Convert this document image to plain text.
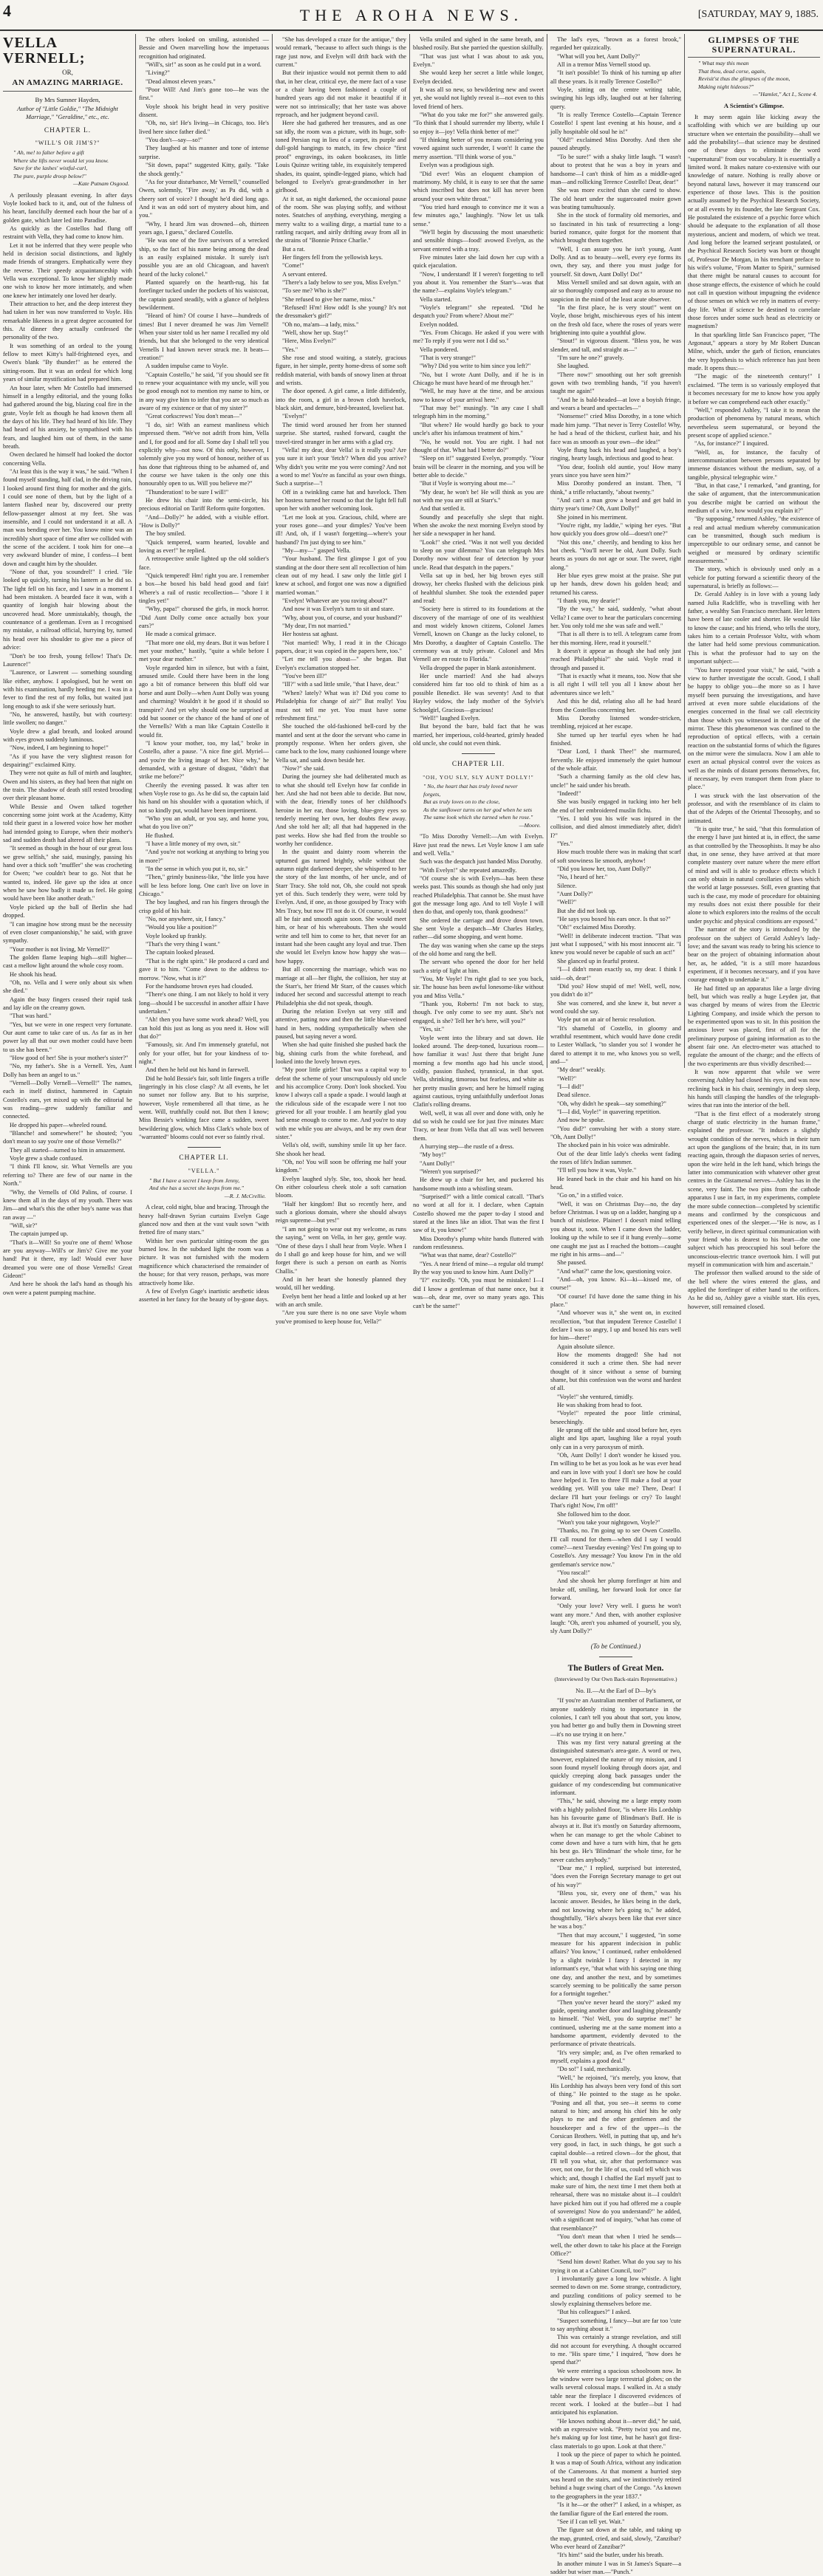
4	THE AROHA NEWS.	[SATURDAY, MAY 9, 1885.
VELLA VERNELL;
OR,
AN AMAZING MARRIAGE.
By Mrs Sumner Hayden,
Author of "Little Goldie," "The Midnight Marriage," "Geraldine," etc., etc.
CHAPTER L.
"WILL'S OR JIM'S?"
" Ah, me! to falter before a gift
Where she lifts never would let you know.
Save for the lashes' wistful-curl,
The pure, purple droop below!"
—Kate Putnam Osgood.

A perilously pleasant evening. In after days Voyle looked back to it, and, out of the fulness of his heart, fancifully deemed each hour the bar of a golden gate, which later led into Paradise.

As quickly as the Costellos had flung off restraint with Vella, they had come to know him.

Let it not be inferred that they were people who held in decision social distinctions, and lightly made friends of strangers. Emphatically were they the reverse. Their speedy acquaintanceship with Vella was exceptional. To know her slightly made one wish to know her more intimately, and when one knew her intimately one loved her dearly.

Their attraction to her, and the deep interest they had taken in her was now transferred to Voyle. His remarkable likeness in a great degree accounted for this. At dinner they actually confessed the personality of the two.

It was something of an ordeal to the young fellow to meet Kitty's half-frightened eyes, and Owen's blank "By thunder!" as he entered the sitting-room. But it was an ordeal for which long years of similar mystification had prepared him.

An hour later, when Mr Costello had immersed himself in a lengthy editorial, and the young folks had gathered around the big, blazing coal fire in the grate, Voyle felt as though he had known them all the days of his life. They had heard of his life. They had heard of his anxiety, he sympathised with his fears, and laughed him out of them, in the same breath.

Owen declared he himself had looked the doctor concerning Vella.

"At least this is the way it was," he said. "When I found myself standing, half clad, in the driving rain, I looked around first thing for mother and the girls. I could see none of them, but by the light of a lantern flashed near by, discovered our pretty fellow-passenger almost at my feet. She was insensible, and I could not understand it at all. A man was bending over her. You know mine was an incredibly short space of time after we collided with the scene of the accident. I took him for one—a very awkward blunder of mine, I confess—I bent down and caught him by the shoulder.

"None of that, you scoundrel!" I cried. "He looked up quickly, turning his lantern as he did so. The light fell on his face, and I saw in a moment I had been mistaken. A bearded face it was, with a quantity of longish hair blowing about the uncovered head. More unmistakably, though, the countenance of a gentleman. Even as I recognised my mistake, a railroad official, hurrying by, turned his head over his shoulder to give me a piece of advice:

"Don't be too fresh, young fellow! That's Dr. Laurence!"

"Laurence, or Lawrent — something sounding like either, anyhow. I apologised, but he went on with his examination, hardly heeding me. I was in a fever to find the rest of my folks, but waited just long enough to ask if she were seriously hurt.

"No, he answered, hastily, but with courtesy: little swollen; no danger."

Voyle drew a glad breath, and looked around with eyes grown suddenly luminous.

"Now, indeed, I am beginning to hope!"

"As if you have the very slightest reason for despairing!" exclaimed Kitty.

They were not quite as full of mirth and laughter, Owen and his sisters, as they had been that night on the train. The shadow of death still rested brooding over their pleasant home.

While Bessie and Owen talked together concerning some joint work at the Academy, Kitty told their guest in a lowered voice how her mother had intended going to Europe, when their mother's sad and sudden death had altered all their plans.

"It seemed as though in the hour of our great loss we grew selfish," she said, musingly, passing his hand over a thick soft "muffler" she was crocheting for Owen; "we couldn't bear to go. Not that he wanted to, indeed. He gave up the idea at once when he saw how badly it made us feel. He going would have been like another death."

Voyle picked up the ball of Berlin she had dropped.

"I can imagine how strong must be the necessity of even closer companionship," he said, with grave sympathy.

"Your mother is not living, Mr Vernell?"

The golden flame leaping high—still higher—cast a mellow light around the whole cosy room.

He shook his head.

"Oh, no. Vella and I were only about six when she died."

Again the busy fingers ceased their rapid task and lay idle on the creamy gown.

"That was hard."

"Yes, but we were in one respect very fortunate. Our aunt came to take care of us. As far as in her power lay all that our own mother could have been to us she has been."

"How good of her! She is your mother's sister?"

"No, my father's. She is a Vernell. Yes, Aunt Dolly has been an angel to us."

"Vernell—Dolly Vernell—Vernell!" The names, each in itself distinct, hammered in Captain Costello's ears, yet mixed up with the editorial he was reading—grew suddenly familiar and connected.

He dropped his paper—wheeled round.

"Blanche! and somewhere!" he shouted; "you don't mean to say you're one of those Vernells?"

They all started—turned to him in amazement.

Voyle grew a shade confused.

"I think I'll know, sir. What Vernells are you referring to? There are few of our name in the North."

"Why, the Vernells of Old Palins, of course. I knew them all in the days of my youth. There was Jim—and what's this the other boy's name was that ran away —"

"Will, sir?"

The captain jumped up.

"That's it—Will! So you're one of them! Whose are you anyway—Will's or Jim's? Give me your hand! Put it there, my lad! Would ever have dreamed you were one of those Vernells! Great Gideon!"

And here he shook the lad's hand as though his own were a patent pumping machine.

The others looked on smiling, astonished —Bessie and Owen marvelling how the impetuous recognition had originated.

"Will's, sir!" as soon as he could put in a word.

"Living?"

"Dead almost eleven years."

"Poor Will! And Jim's gone too—he was the first."

Voyle shook his bright head in very positive dissent.

"Oh, no, sir! He's living—in Chicago, too. He's lived here since father died."

"You don't—say—so!"

They laughed at his manner and tone of intense surprise.

"Sit down, papa!" suggested Kitty, gaily. "Take the shock gently."

"As for your disturbance, Mr Vernell," counselled Owen, solemnly, "Fire away,' as Pa did, with a cheery sort of voice? I thought he'd died long ago. And it was an odd sort of mystery about him, and you."

"Why, I heard Jim was drowned—oh, thirteen years ago, I guess," declared Costello.

"He was one of the five survivors of a wrecked ship, so the fact of his name being among the dead is an easily explained mistake. It surely isn't possible you are an old Chicagoan, and haven't heard of the lucky colonel."

Planted squarely on the hearth-rug, his fat forefinger tucked under the pockets of his waistcoat, the captain gazed steadily, with a glance of helpless bewilderment.

"Heard of him? Of course I have—hundreds of times! But I never dreamed he was Jim Vernell! When your sister told us her name I recalled my old friends, but that she belonged to the very identical Vernells I had known never struck me. It beats—creation!"

A sudden impulse came to Voyle.

"Captain Costello," he said, "if you should see fit to renew your acquaintance with my uncle, will you be good enough not to mention my name to him, or in any way give him to infer that you are so much as aware of my existence or that of my sister?"

"Great corkscrews! You don't mean—"

"I do, sir! With an earnest manliness which impressed them. "We've not adrift from him, Vella and I, for good and for all. Some day I shall tell you explicitly why—not now. Of this only, however, I solemnly give you my word of honour, neither of us has done that righteous thing to be ashamed of, and the course we have taken is the only one this honourably open to us. Will you believe me?"

"Thunderation! to be sure I will!"

He drew his chair into the semi-circle, his precious editorial on Tariff Reform quite forgotten.

"And—Dolly?" he added, with a visible effort. "How is Dolly?"

The boy smiled.

"Quick tempered, warm hearted, lovable and loving as ever!" he replied.

A retrospective smile lighted up the old soldier's face.

"Quick tempered! Hm! right you are. I remember a box—he boxed his bald head good and fair! Where's a rail of rustic recollection— "shore I it tingles yet!"

"Why, papa!" chorused the girls, in mock horror. "Did Aunt Dolly come once actually box your ears?"

He made a comical grimace.

"That more one old, my dears. But it was before I met your mother," hastily, "quite a while before I met your dear mother."

Voyle regarded him in silence, but with a faint, amused smile. Could there have been in the long ago a bit of romance between this bluff old war horse and aunt Dolly—when Aunt Dolly was young and charming? Wouldn't it be good if it should so transpire? And yet why should one be surprised at odd but sooner or the chance of the hand of one of the Vernells? With a man like Captain Costello it would fit.

"I know your mother, too, my lad," broke in Costello, after a pause. "A nice fine girl. Myriel—and you're the living image of her. Nice why," he demanded, with a gesture of disgust, "didn't that strike me before?"

Cheerily the evening passed. It was after ten when Voyle rose to go. As he did so, the captain laid his hand on his shoulder with a quotation which, if not so kindly put, would have been impertinent.

"Who you an adult, or you say, and home you, what do you live on?"

He flushed.

"I have a little money of my own, sir."

"And you're not working at anything to bring you in more?"

"In the sense in which you put it, no, sir."

"Then," grimly business-like, "the little you have will be less before long. One can't live on love in Chicago."

The boy laughed, and ran his fingers through the crisp gold of his hair.

"No, nor anywhere, sir, I fancy."

"Would you like a position?"

Voyle looked up frankly.

"That's the very thing I want."

The captain looked pleased.

"That is the right spirit." He produced a card and gave it to him. "Come down to the address to-morrow. "Now, what is it?"

For the handsome brown eyes had clouded.

"There's one thing. I am not likely to hold it very long—should I be successful in another affair I have undertaken."

"Ah! then you have some work ahead? Well, you can hold this just as long as you need it. How will that do?"

"Famously, sir. And I'm immensely grateful, not only for your offer, but for your kindness of to-night."

And then he held out his hand in farewell.

Did he hold Bessie's fair, soft little fingers a trifle lingeringly in his close clasp? At all events, he let no sunset nor follow any. But to his surprise, however, Voyle remembered all that time, as he went. Will, truthfully could not. But then I know; Miss Bessie's winking face came a sudden, sweet bewildering glow, which Miss Clark's whole box of "warranted" blooms could not ever so faintly rival.

CHAPTER LI.
"VELLA."
" But I have a secret I keep from Jenny,
And she has a secret she keeps from me."
—R. J. McCrellie.

A clear, cold night, blue and bracing. Through the heavy half-drawn Syrian curtains Evelyn Gage glanced now and then at the vast vault sown "with fretted fire of many stars."

Within her own particular sitting-room the gas burned low. In the subdued light the room was a picture. It was not furnished with the modern magnificence which characterised the remainder of the house; for that very reason, perhaps, was more attractively home like.

A few of Evelyn Gage's inartistic aesthetic ideas asserted in her fancy for the beauty of by-gone days.

"She has developed a craze for the antique," they would remark, "because to affect such things is the rage just now, and Evelyn will drift back with the current."

But their injustice would not permit them to add that, in her clear, critical eye, the mere fact of a vase or a chair having been fashioned a couple of hundred years ago did not make it beautiful if it were not so intrinsically; that her taste was above reproach, and her judgment beyond cavil.

Here she had gathered her treasures, and as one sat idly, the room was a picture, with its huge, soft-toned Persian rug in lieu of a carpet, its purple and dull-gold hangings to match, its few choice "first proof" engravings, its oaken bookcases, its little Louis Quinze writing table, its exquisitely tempered shades, its quaint, spindle-legged piano, which had belonged to Evelyn's great-grandmother in her girlhood.

At it sat, as night darkened, the occasional pause of the room. She was playing softly, and without notes. Snatches of anything, everything, merging a merry waltz to a wailing dirge, a martial tune to a rattling racquet, and airily drifting away from all in the strains of "Bonnie Prince Charlie."

But a rat.

Her fingers fell from the yellowish keys.

"Come!"

A servant entered.

"There's a lady below to see you, Miss Evelyn."

"To see me? Who is she?"

"She refused to give her name, miss."

"Refused! H'm! How odd! Is she young? It's not the dressmaker's girl?"

"Oh no, ma'am—a lady, miss."

"Well, show her up. Stay!"

"Here, Miss Evelyn?"

"Yes."

She rose and stood waiting, a stately, gracious figure, in her simple, pretty home-dress of some soft reddish material, with bands of snowy linen at throat and wrists.

The door opened. A girl came, a little diffidently, into the room, a girl in a brown cloth havelock, black skirt, and demure, bird-breasted, loveliest hat.

"Evelyn!"

The timid word aroused her from her stunned surprise. She started, rushed forward, caught the travel-tired stranger in her arms with a glad cry.

"Vella! my dear, dear Vella! is it really you? Are you sure it isn't your 'fetch'? When did you arrive? Why didn't you write me you were coming? And not a word to me! You're as fanciful as your own things. Such a surprise—'!

Off in a twinkling came hat and havelock. Then her hostess turned her round so that the light fell full upon her with another welcoming look.

"Let me look at you. Gracious, child, where are your roses gone—and your dimples? You've been ill! And, oh, if I wasn't forgetting—where's your husband? I'm just dying to see him."

"My—my—" gasped Vella.

"Your husband. The first glimpse I got of you standing at the door there sent all recollection of him clean out of my head. I saw only the little girl I knew at school, and forgot one was now a dignified married woman."

"Evelyn! Whatever are you raving about?"

And now it was Evelyn's turn to sit and stare.

"Why, about you, of course, and your husband?"

"My dear, I'm not married."

Her hostess sat aghast.

"Not married! Why, I read it in the Chicago papers, dear; it was copied in the papers here, too."

"Let me tell you about—" she began. But Evelyn's exclamation stopped her.

"You've been ill?"

"Ill?" with a sad little smile, "that I have, dear."

"When? lately? What was it? Did you come to Philadelphia for change of air?" But really! You must not tell me yet. You must have some refreshment first."

She touched the old-fashioned bell-cord by the mantel and sent at the door the servant who came in promptly response. When her orders given, she came back to the low, many cushioned lounge where Vella sat, and sank down beside her.

"Now?" she said.

During the journey she had deliberated much as to what she should tell Evelyn how far confide in her. And she had not been able to decide. But now, with the dear, friendly tones of her childhood's heroine in her ear, those loving, blue-grey eyes so tenderly meeting her own, her doubts flew away. And she told her all; all that had happened in the past weeks. How she had fled from the trouble so worthy her confidence.

In the quaint and dainty room wherein the upturned gas turned brightly, while without the autumn night darkened deeper, she whispered to her the story of the last months, of her uncle, and of Starr Tracy. She told not, Oh, she could not speak yet of this. Such tenderly they were, were told by Evelyn. And, if one, as those gossiped by Tracy with Mrs Tracy, but now I'll not do it. Of course, it would all be fair and smooth again soon. She would meet him, or hear of his whereabouts. Then she would write and tell him to come to her, that never for an instant had she been caught any loyal and true. Then she would let Evelyn know how happy she was—how happy.

But all concerning the marriage, which was no marriage at all—her flight, the collision, her stay at the Starr's, her friend Mr Starr, of the causes which induced her second and successful attempt to reach Philadelphia she did not speak, though.

During the relation Evelyn sat very still and attentive, patting now and then the little blue-veined hand in hers, nodding sympathetically when she paused, but saying never a word.

When she had quite finished she pushed back the big, shining curls from the white forehead, and looked into the lovely brown eyes.

"My poor little girlie! That was a capital way to defeat the scheme of your unscrupulously old uncle and his accomplice Crony. Don't look shocked. You know I always call a spade a spade. I would laugh at the ridiculous side of the escapade were I not too grieved for all your trouble. I am heartily glad you had sense enough to come to me. And you're to stay with me while you are always, and be my own dear sister."

Vella's old, swift, sunshiny smile lit up her face. She shook her head.

"Oh, no! You will soon be offering me half your kingdom."

Evelyn laughed slyly. She, too, shook her head. On either colourless cheek stole a soft carnation bloom.

"Half her kingdom! But so recently here, and such a glorious domain, where she should always reign supreme—but yes!"

"I am not going to wear out my welcome, as runs the saying," went on Vella, in her gay, gentle way. "One of these days I shall hear from Voyle. When I do I shall go and keep house for him, and we will forget there is such a person on earth as Norris Challis."

And in her heart she honestly planned they would, till her wedding.

Evelyn bent her head a little and looked up at her with an arch smile.

"Are you sure there is no one save Voyle whom you've promised to keep house for, Vella?"

Vella smiled and sighed in the same breath, and blushed rosily. But she parried the question skilfully.

"That was just what I was about to ask you, Evelyn."

She would keep her secret a little while longer, Evelyn decided.

It was all so new, so bewildering new and sweet yet, she would not lightly reveal it—not even to this loved friend of hers.

"What do you take me for?" she answered gaily. "To think that I should surrender my liberty, while I so enjoy it—joy! Vella think better of me!"

"If thinking better of you means considering you vowed against such surrender, I won't! It came the merry assertion. "I'll think worse of you."

Evelyn was a prodigious sigh.

"Did ever! Was an eloquent champion of matrimony. My child, it is easy to see that the same which inscribed but does not kill has never been around your own white throat."

"You tried hard enough to convince me it was a few minutes ago," laughingly. "Now let us talk sense."

"We'll begin by discussing the most unaesthetic and sensible things—food! avowed Evelyn, as the servant entered with a tray.

Five minutes later she laid down her cup with a quick ejaculation.

"Now, I understand! If I weren't forgetting to tell you about it. You remember the Starr's—was that the name?—explains Voyle's telegram."

Vella started.

"Voyle's telegram!" she repeated. "Did he despatch you? From where? About me?"

Evelyn nodded.

"Yes. From Chicago. He asked if you were with me? To reply if you were not I did so."

Vella pondered.

"That is very strange!"

"Why? Did you write to him since you left?"

"No, but I wrote Aunt Dolly, and if he is in Chicago he must have heard of me through her."

"Well, he may have at the time, and be anxious now to know of your arrival here."

"That may be!" musingly. "In any case I shall telegraph him in the morning."

"But where? He would hardly go back to your uncle's after his infamous treatment of him."

"No, he would not. You are right. I had not thought of that. What had I better do?"

"Sleep on it!" suggested Evelyn, promptly. "Your brain will be clearer in the morning, and you will be better able to decide."

"But if Voyle is worrying about me—"

"My dear, he won't be! He will think as you are not with me you are still at Starr's."

And that settled it.

Soundly and peacefully she slept that night. When she awoke the next morning Evelyn stood by her side a newspaper in her hand.

"Look!" she cried. "Was it not well you decided to sleep on your dilemma? You can telegraph Mrs Dorothy now without fear of detection by your uncle. Read that despatch in the papers."

Vella sat up in bed, her big brown eyes still drowsy, her cheeks flushed with the delicious pink of healthful slumber. She took the extended paper and read:

"Society here is stirred to its foundations at the discovery of the marriage of one of its wealthiest and most widely known citizens, Colonel James Vernell, known on Change as the lucky colonel, to Mrs Dorothy, a daughter of Captain Costello. The ceremony was at truly private. Colonel and Mrs Vernell are en route to Florida."

Vella dropped the paper in blank astonishment.

Her uncle married! And she had always considered him far too old to think of him as a possible Benedict. He was seventy! And to that Hayley widow, the lady mother of the Sylvie's Schoolgirl, Gracious—gracious!

"Well!" laughed Evelyn.

But beyond the bare, bald fact that he was married, her imperious, cold-hearted, grimly headed old uncle, she could not even think.

CHAPTER LII.
"OH, YOU SLY, SLY AUNT DOLLY!"
" No, the heart that has truly loved never forgets,
But as truly loves on to the close,
As the sunflower turns on her god when he sets
The same look which she turned when he rose."
—Moore.

"To Miss Dorothy Vernell:—Am with Evelyn. Have just read the news. Let Voyle know I am safe and well. Vella."

Such was the despatch just handed Miss Dorothy.

"With Evelyn!" she repeated amazedly.

"Of course she is with Evelyn—has been these weeks past. This sounds as though she had only just reached Philadelphia. That cannot be. She must have got the message long ago. And to tell Voyle I will then do that, and openly too, thank goodness!"

She ordered the carriage and drove down town. She sent Voyle a despatch—Mr Charles Hatley, rather—did some shopping, and went home.

The day was waning when she came up the steps of the old home and rang the bell.

The servant who opened the door for her held such a strip of light at him.

"You, Mr Voyle! I'm right glad to see you back, sir. The house has been awful lonesome-like without you and Miss Vella."

"Thank you, Roberts! I'm not back to stay, though. I've only come to see my aunt. She's not engaged, is she? Tell her he's here, will you?"

"Yes, sir."

Voyle went into the library and sat down. He looked around. The deep-toned, luxurious room—how familiar it was! Just there that bright June morning a few months ago had his uncle stood, coldly, passion flushed, tyrannical, in that spot. Vella, shrinking, timorous but fearless, and white as her pretty muslin gown; and here he himself raging against cautious, trying unfaithfully underfoot Jonas Clafin's rolling dreams.

Well, well, it was all over and done with, only he did so wish he could see for just five minutes Marc Tracy, or hear from Vella that all was well between them.

A hurrying step—the rustle of a dress.

"My boy!"

"Aunt Dolly!"

"Weren't you surprised?"

He drew up a chair for her, and puckered his handsome mouth into a whistling steam.

"Surprised?" with a little comical catcall. "That's no word at all for it. I declare, when Captain Costello showed me the paper to-day I stood and stared at the lines like an idiot. That was the first I saw of it, you know!"

Miss Dorothy's plump white hands fluttered with random restlessness.

"What was that name, dear? Costello?"

"Yes. A near friend of mine—a regular old trump! By the way you used to know him. Aunt Dolly?"

"I?" excitedly. "Oh, you must be mistaken! I—I did I know a gentleman of that name once, but it was—oh, dear me, over so many years ago. This can't be the same!"

The lad's eyes, "brown as a forest brook," regarded her quizzically.

"What will you bet, Aunt Dolly?"

All in a tremor Miss Vernell stood up.

"It isn't possible! To think of his turning up after all these years. Is it really Terence Costello?"

Voyle, sitting on the centre writing table, swinging his legs idly, laughed out at her faltering query.

"It is really Terence Costello—Captain Terence Costello! I spent last evening at his house, and a jolly hospitable old soul he is!"

"Old!" exclaimed Miss Dorothy. And then she paused abruptly.

"To be sure!" with a shaky little laugh. "I wasn't about to protest that he was a boy in years and handsome—I can't think of him as a middle-aged man—and rollicking Terence Costello! Dear, dear!"

She was more excited than she cared to show. The old heart under the sugarcoated moire gown was beating tumultuously.

She in the stock of formality old memories, and so fascinated in his task of resurrecting a long-buried romance, quite forgot for the moment that which brought them together.

"Well, I can assure you he isn't young, Aunt Dolly. And as to beauty—well, every eye forms its own, they say, and there you must judge for yourself. Sit down, Aunt Dolly! Do!"

Miss Vernell smiled and sat down again, with an air so thoroughly composed and easy as to arouse no suspicion in the mind of the least acute observer.

"In the first place, he is very stout!" went on Voyle, those bright, mischievous eyes of his intent on the fresh old face, where the roses of years were brightening into quite a youthful glow.

"Stout!" in vigorous dissent. "Bless you, he was slender, and tall, and straight as—"

"I'm sure he one?" gravely.

She laughed.

"There now!" smoothing out her soft greenish gown with two trembling hands, "if you haven't taught me again!"

"And he is bald-headed—at love a boyish fringe, and wears a beard and spectacles—"

"Nonsense!" cried Miss Dorothy, in a tone which made him jump. "That never is Terry Costello! Why, he had a head of the thickest, curliest hair, and his face was as smooth as your own—the idea!"

Voyle flung back his head and laughed, a boy's ringing, hearty laugh, infectious and good to hear.

"You dear, foolish old auntie, you! How many years since you have seen him?"

Miss Dorothy pondered an instant. Then, "I think," a trifle reluctantly, "about twenty."

"And can't a man grow a beard and get bald in thirty year's time? Oh, Aunt Dolly!"

She joined in his merriment.

"You're right, my laddie," wiping her eyes. "But how quickly you does grow old—doesn't one?"

"Not this one," cheerily, and bending to kiss her hot cheek. "You'll never be old, Aunt Dolly. Such hearts as yours do not age or sour. The sweet, right along."

Her blue eyes grew moist at the praise. She put up her hands, drew down his golden head; and returned his caress.

"I thank you, my dearie!"

"By the way," he said, suddenly, "what about Vella? I came over to hear the particulars concerning her. You only told me she was safe and well."

"That is all there is to tell. A telegram came from her this morning. Here, read it yourself."

It doesn't it appear as though she had only just reached Philadelphia?" she said. Voyle read it through and passed it.

"That is exactly what it means, too. Now that she is all right I will tell you all I know about her adventures since we left."

And this he did, relating also all he had heard from the Costellos concerning her.

Miss Dorothy listened wonder-stricken, trembling, rejoiced at her escape.

She turned up her tearful eyes when he had finished.

"Dear Lord, I thank Thee!" she murmured, fervently. He enjoyed immensely the quiet humour of the whole affair.

"Such a charming family as the old clew has, uncle!" he said under his breath.

"Indeed!"

She was busily engaged in tucking into her belt the end of her embroidered muslin fichu.

"Yes. I told you his wife was injured in the collision, and died almost immediately after, didn't I?"

"Yes."

How much trouble there was in making that scarf of soft snowiness lie smooth, anyhow!

"Did you know her, too, Aunt Dolly?"

"No, I heard of her."

Silence.

"Aunt Dolly?"

"Well?"

But she did not look up.

"He says you boxed his ears once. Is that so?"

"Oh!" exclaimed Miss Dorothy.

"Well! in deliberate indecent traction. "That was just what I supposed," with his most innocent air. "I knew you would never be capable of such an act!"

She glanced up in fearful protest.

"I—I didn't mean exactly so, my dear. I think I said—oh, dear!"

"Did you? How stupid of me! Well, well, now, you didn't do it?"

She was cornered, and she knew it, but never a word could she say.

Voyle put on an air of heroic resolution.

"It's shameful of Costello, in gloomy and wrathful resentment, which would have done credit to Lester Wallack, "to slander you so! I wonder he dared to attempt it to me, who knows you so well, and—"

"My dear!" weakly.

"Well?"

"I—I did!"

Dead silence.

"Oh, why didn't he speak—say something?"

"I—I did, Voyle!" in quavering repetition.

And now he spoke.

"You did?" convulsing her with a stony stare. "Oh, Aunt Dolly!"

The shocked pain in his voice was admirable.

Out of the dear little lady's cheeks went fading the roses of life's Indian summer.

"I'll tell you how it was, Voyle."

He leaned back in the chair and his hand on his head.

"Go on," in a stifled voice.

"Well, it was on Christmas Day—no, the day before Christmas. I was up on a ladder, hanging up a bunch of mistletoe. Plainer! I doesn't mind telling you about it, soon. When I came down the ladder, looking up the while to see if it hung evenly—some one caught me just as I reached the bottom—caught me right in his arms—and—"

She paused.

"And what?" came the low, questioning voice.

"And—oh, you know. Ki—ki—kissed me, of course!"

"Of course! I'd have done the same thing in his place."

"And whoever was it," she went on, in excited recollection, "but that impudent Terence Costello! I declare I was so angry, I up and boxed his ears well for him—there!"

Again absolute silence.

How the moments dragged! She had not considered it such a crime then. She had never thought of it since without a sense of burning shame, but this confession was the worst and hardest of all.

"Voyle!" she ventured, timidly.

He was shaking from head to foot.

"Voyle!" repeated the poor little criminal, beseechingly.

He sprang off the table and stood before her, eyes alight and lips apart, laughing like a royal youth only can in a very paroxysm of mirth.

"Oh, Aunt Dolly! I don't wonder he kissed you. I'm willing to be bet as you look as he was ever head and ears in love with you! I don't see how he could have helped it. Ten to three I'll make a fool at your wedding yet. Will you take me? There, Dear! I declare I'll hurt your feelings or cry? To laugh! That's right! Now, I'm off!"

She followed him to the door.

"Won't you take your nightgown, Voyle?"

"Thanks, no. I'm going up to see Owen Costello. I'll call round for them—when did I say I would come?—next Tuesday evening? Yes! I'm going up to Costello's. Any message? You know I'm in the old gentleman's service now."

"You rascal!"

And she shook her plump forefinger at him and broke off, smiling, her forward look for once far forward.

"Only your love? Very well. I guess he won't want any more." And then, with another explosive laugh: "Oh, aren't you ashamed of yourself, you sly, sly Aunt Dolly?"

(To be Continued.)
The Butlers of Great Men.
(Interviewed by Our Own Back-stairs Representative.)
No. II.—At the Earl of D—by's

"If you're an Australian member of Parliament, or anyone suddenly rising to importance in the colonies, I can't tell you about that sort, you know, you had better go and bully them in Downing street—it's no use trying it on here."

This was my first very natural greeting at the distinguished statesman's area-gate. A word or two, however, explained the nature of my mission, and I soon found myself looking through doors ajar, and quickly creeping along back passages under the guidance of my condescending but communicative informant.

"This," he said, showing me a large empty room with a highly polished floor, "is where His Lordship has his favourite game of Blindman's Buff. He is always at it. But it's mostly on Saturday afternoons, when he can manage to get the whole Cabinet to come down and have a turn with him, that he gets his best go. He's 'Blindman' the whole time, for he never catches anybody."

"Dear me," I replied, surprised but interested, "does even the Foreign Secretary manage to get out of his way?"

"Bless you, sir, every one of them," was his laconic answer. Besides, he likes being in the dark, and not knowing where he's going to," he added, thoughtfully, "He's always been like that ever since he was a boy."

"Then that may account," I suggested, "in some measure for his apparent indecision in public affairs? You know," I continued, rather emboldened by a slight twinkle I fancy I detected in my informant's eye, "that what with his saying one thing one day, and another the next, and by sometimes scarcely seeming to be politically the same person for a fortnight together."

"Then you've never heard the story?" asked my guide, opening another door and laughing pleasantly to himself. "No! Well, you do surprise me!" he continued, ushering me at the same moment into a handsome apartment, evidently devoted to the performance of private theatricals.

"It's very simple; and, as I've often remarked to myself, explains a good deal."

"Do so!" I said, mechanically.

"Well," he rejoined, "it's merely, you know, that His Lordship has always been very fond of this sort of thing." He pointed to the stage as he spoke. "Posing and all that, you see—it seems to come natural to him; and among his chief hits he only plays to me and the other gentlemen and the housekeeper and a few of the upper—is the Corsican Brothers. Well, in putting that up, and he's very good, in fact, in such things, he got such a capital double—a retired clown—for the ghost, that I'll tell you what, sir, after that performance was over, not one, for the life of us, could tell which was which; and, though I chaffed the Earl myself just to make sure of him, the next time I met them both at rehearsal, there was no mistake about it—I couldn't have picked him out if you had offered me a couple of sovereigns! Now do you understand?" he added, with a significant nod of inquiry, "what has come of that resemblance?"

"You don't mean that when I tried he sends—well, the other down to take his place at the Foreign Office?"

"Send him down! Rather. What do you say to his trying it on at a Cabinet Council, too?"

I involuntarily gave a long low whistle. A light seemed to dawn on me. Some strange, contradictory, and puzzling conditions of policy seemed to be slowly explaining themselves before me.

"But his colleagues?" I asked.

"Suspect something, I fancy—but are far too 'cute to say anything about it."

This was certainly a strange revelation, and still did not account for everything. A thought occurred to me. "His spare time," I inquired, "how does he spend that?"

We were entering a spacious schoolroom now. In the window were two large terrestrial globes; on the walls several colossal maps. I walked in. At a study table near the fireplace I discovered evidences of recent work. I looked at the butler—but I had anticipated his explanation.

"He knows nothing about it—never did," he said, with an expressive wink. "Pretty twixt you and me, he's making up for lost time, but he hasn't got first-class materials to go upon. Look at that there."

I took up the piece of paper to which he pointed. It was a map of South Africa, without any indication of the Cameroons. At that moment a hurried step was heard on the stairs, and we instinctively retired behind a huge swing chart of the Congo. "As known to the geographers in the year 1837."

"Is it he—or the other?" I asked, in a whisper, as the familiar figure of the Earl entered the room.

"See if I can tell yet. Wait."

The figure sat down at the table, and taking up the map, grunted, cried, and said, slowly, "Zanzibar? Who ever heard of Zanzibar?"

"It's him!" said the butler, under his breath.

In another minute I was in St James's Square—a sadder but wiser man.—"Punch."

GLIMPSES OF THE SUPERNATURAL.
" What may this mean
That thou, dead corse, again,
Revisit'st thus the glimpses of the moon,
Making night hideous?"
—"Hamlet," Act I., Scene 4.
A Scientist's Glimpse.

It may seem again like kicking away the scaffolding with which we are building up our structure when we entertain the possibility—shall we add the probability!—that science may be destined one of these days to eliminate the word "supernatural" from our vocabulary. It is essentially a limited word. It makes nature co-extensive with our knowledge of nature. Nothing is really above or beyond natural laws, however it may transcend our experience of those laws. This is the position actually assumed by the Psychical Research Society, or at all events by its founder, the late Sergeant Cox. He postulated the existence of a psychic force which should be adequate to the explanation of all those mysterious, ancient and modern, of which we treat. And long before the learned serjeant postulated, or the Psychical Research Society was born or thought of, Professor De Morgan, in his trenchant preface to his wife's volume, "From Matter to Spirit," surmised that there might be natural causes to account for those strange effects, the existence of which he could not call in question without impugning the evidence of those senses on which we rely in matters of every-day life. What if science be destined to correlate those forces under some such head as electricity or magnetism?

In that sparkling little San Francisco paper, "The Argonaut," appears a story by Mr Robert Duncan Milne, which, under the garb of fiction, enunciates the very hypothesis to which reference has just been made. It opens thus:—

"The magic of the nineteenth century!" I exclaimed. "The term is so variously employed that it becomes necessary for me to know how you apply it before we can comprehend each other exactly."

"Well," responded Ashley, "I take it to mean the production of phenomena by natural means, which nevertheless seem supernatural, or beyond the present scope of applied science."

"As, for instance?" I inquired.

"Well, as, for instance, the faculty of intercommunication between persons separated by immense distances without the medium, say, of a tangible, physical telegraphic wire."

"But, in that case," I remarked, "and granting, for the sake of argument, that the intercommunication you describe might be carried on without the medium of a wire, how would you explain it?"

"By supposing," returned Ashley, "the existence of a real and actual medium whereby communication can be transmitted, though such medium is imperceptible to our ordinary sense, and cannot be weighed or measured by ordinary scientific measurements."

The story, which is obviously used only as a vehicle for putting forward a scientific theory of the supernatural, is briefly as follows:—

Dr. Gerald Ashley is in love with a young lady named Julia Radcliffe, who is travelling with her father, a wealthy San Francisco merchant. Her letters have been of late cooler and shorter. He would like to know the cause; and his friend, who tells the story, takes him to a certain Professor Voltz, with whom the latter had held some previous communication. This is what the professor had to say on the important subject:—

"You have reposted your visit," he said, "with a view to further investigate the occult. Good, I shall be happy to oblige you—the more so as I have myself been pursuing the investigations, and have arrived at even more subtle elucidations of the energies concerned in the final we call electricity than those which you witnessed in the case of the mirror. These this phenomenon was confined to the reproduction of optical effects, with a certain reaction on the substantial forms of which the figures on the mirror were the simulacra. Now I am able to exert an actual physical control over the voices as well as the minds of distant persons themselves, for, if necessary, by even transport them from place to place."

I was struck with the last observation of the professor, and with the resemblance of its claim to that of the Adepts of the Oriental Theosophy, and so intimated.

"It is quite true," he said, "that this formulation of the energy I have just hinted at is, in effect, the same as that controlled by the Theosophists. It may be also that, in one sense, they have arrived at that more complete mastery over nature where the mere effort of mind and will is able to produce effects which I can only obtain in natural corollaries of laws which the world at large possesses. Still, even granting that such is the case, my mode of procedure for obtaining my results does not exist there possible for their alone to which explorers into the realms of the occult under psychic and physical conditions are exposed."

The narrator of the story is introduced by the professor on the subject of Gerald Ashley's lady-love; and the savant was ready to bring his science to bear on the project of obtaining information about her, as, he added, "it is a still more hazardous experiment, if it becomes necessary, and if you have courage enough to undertake it."

He had fitted up an apparatus like a large diving bell, but which was really a huge Leyden jar, that was charged by means of wires from the Electric Lighting Company, and inside which the person to be experimented upon was to sit. In this position the anxious lover was placed, first of all for the preliminary purpose of gaining information as to the absent fair one. An electro-meter was attached to regulate the amount of the charge; and the effects of the two experiments are thus vividly described:—

It was now apparent that while we were conversing Ashley had closed his eyes, and was now reclining back in his chair, seemingly in deep sleep, his hands still clasping the handles of the telegraph-wires that ran into the interior of the bell.

"That is the first effect of a moderately strong charge of static electricity in the human frame," explained the professor. "It induces a slightly wrought condition of the nerves, which in their turn act upon the ganglions of the brain; that, in its turn reacting again, through the diapason series of nerves, upon the wire held in the left hand, which brings the latter into communication with whatever other great centres in the Gistamenal nerves—Ashley has in the scene, very faint. The two pins from the cathode apparatus I use in fact, in my experiments, complete the more subtle connection—completed by scientific means and confirmed by the conspicuous and experienced ones of the sleeper.—"He is now, as I verify believe, in direct spiritual communication with your friend who is dearest to his heart—the one subject which has preoccupied his soul before the unconscious-electric trance overtook him. I will put myself in communication with him and ascertain."

The professor then walked around to the side of the bell where the wires entered the glass, and applied the forefinger of either hand to the orifices. As he did so, Ashley gave a visible start. His eyes, however, still remained closed.
